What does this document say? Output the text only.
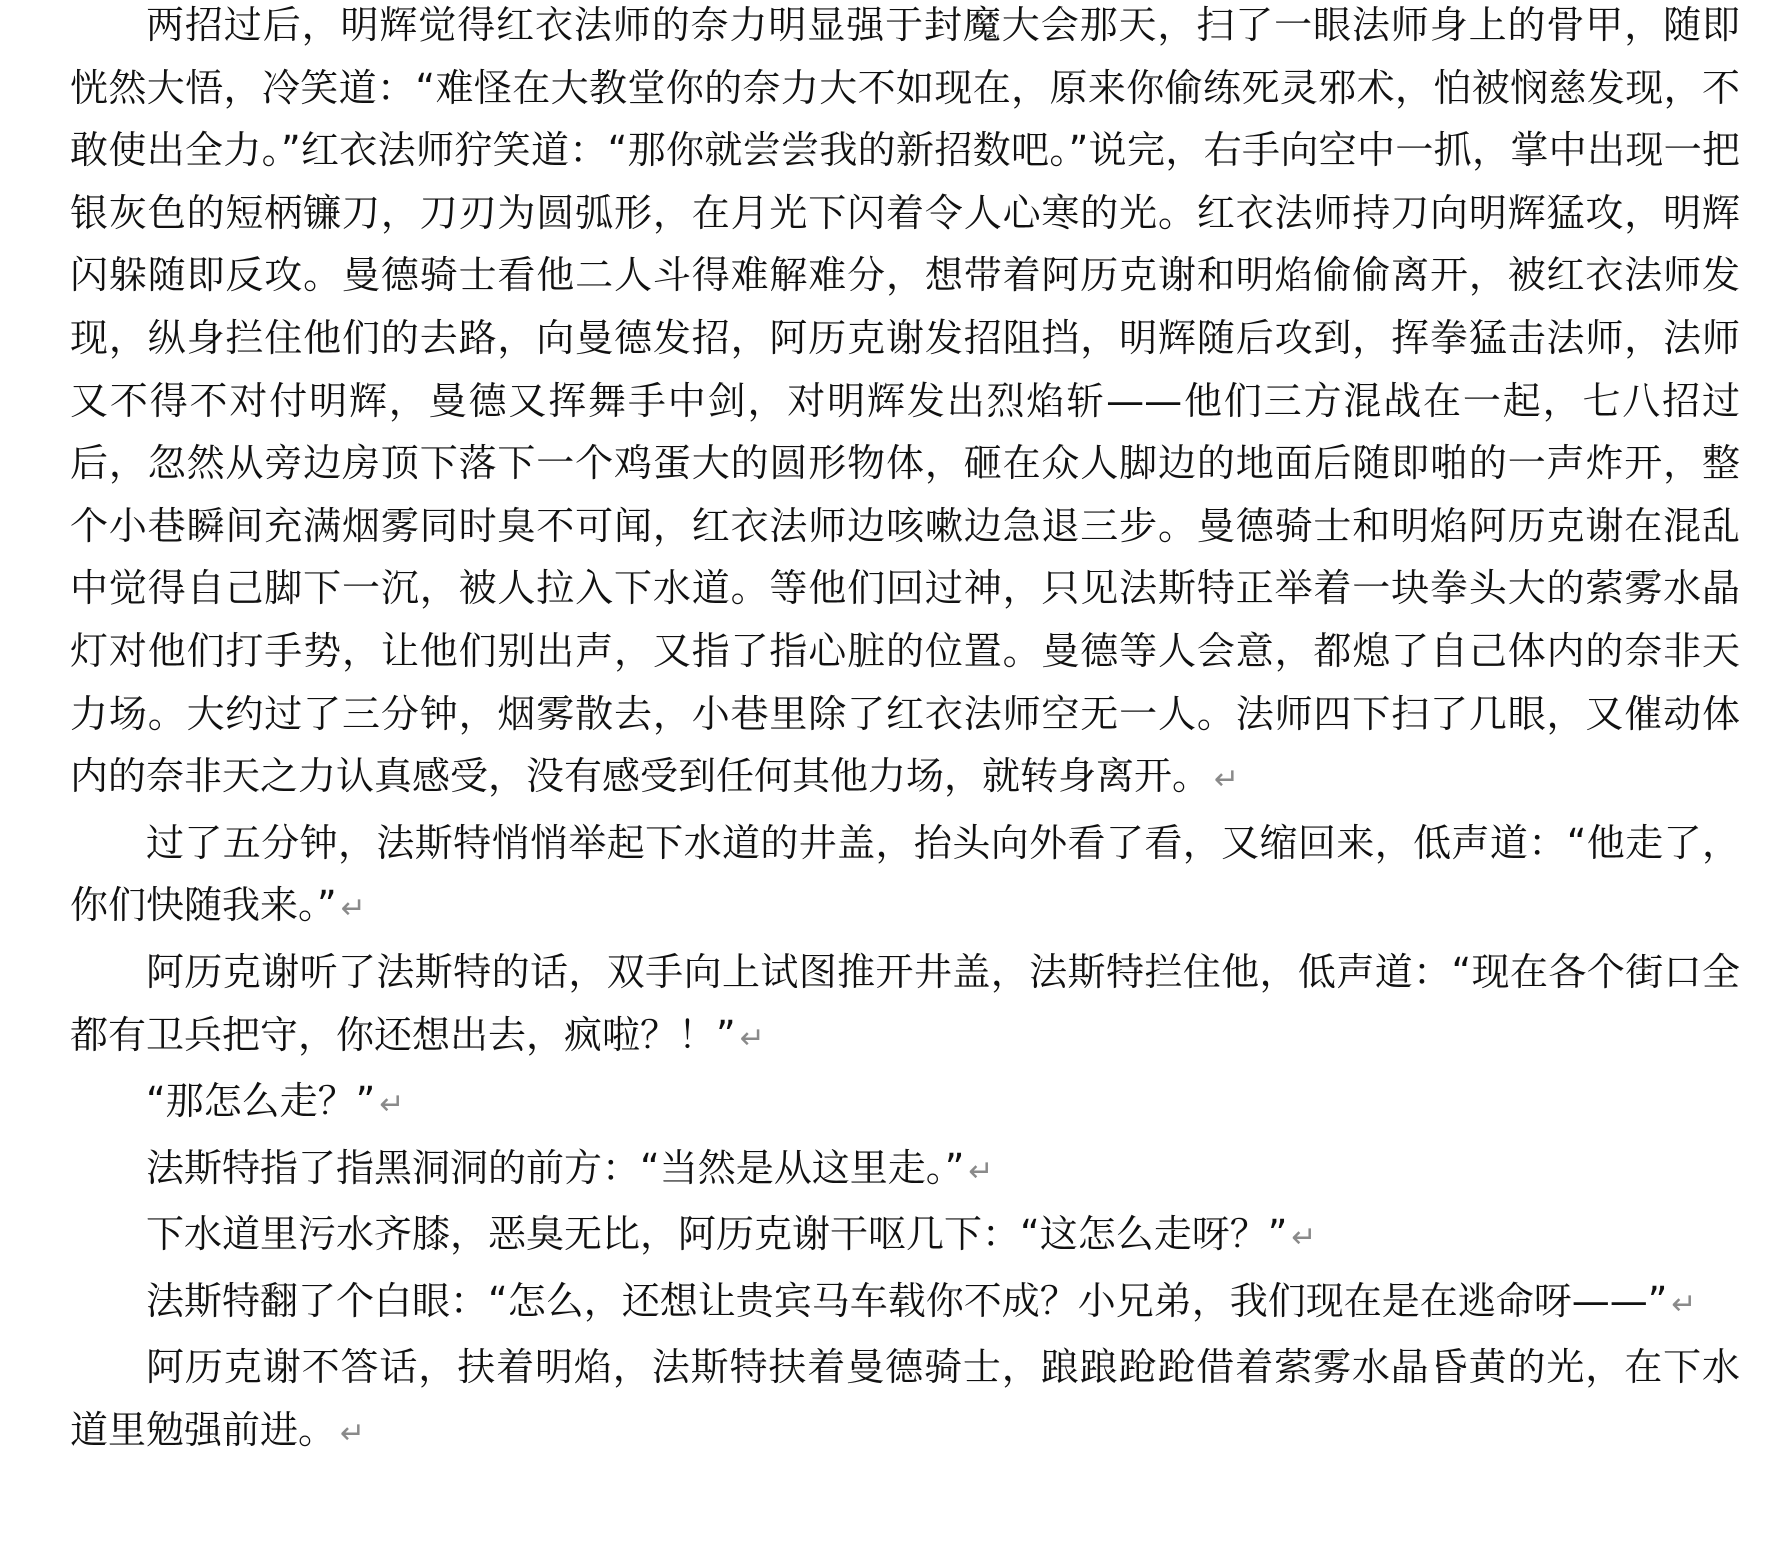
两招过后，明辉觉得红衣法师的奈力明显强于封魔大会那天，扫了一眼法师身上的骨甲，随即恍然大悟，冷笑道：“难怪在大教堂你的奈力大不如现在，原来你偷练死灵邪术，怕被悯慈发现，不敢使出全力。”红衣法师狞笑道：“那你就尝尝我的新招数吧。”说完，右手向空中一抓，掌中出现一把银灰色的短柄镰刀，刀刃为圆弧形，在月光下闪着令人心寒的光。红衣法师持刀向明辉猛攻，明辉闪躲随即反攻。曼德骑士看他二人斗得难解难分，想带着阿历克谢和明焰偷偷离开，被红衣法师发现，纵身拦住他们的去路，向曼德发招，阿历克谢发招阻挡，明辉随后攻到，挥拳猛击法师，法师又不得不对付明辉，曼德又挥舞手中剑，对明辉发出烈焰斩——他们三方混战在一起，七八招过后，忽然从旁边房顶下落下一个鸡蛋大的圆形物体，砸在众人脚边的地面后随即啪的一声炸开，整个小巷瞬间充满烟雾同时臭不可闻，红衣法师边咳嗽边急退三步。曼德骑士和明焰阿历克谢在混乱中觉得自己脚下一沉，被人拉入下水道。等他们回过神，只见法斯特正举着一块拳头大的萦雾水晶灯对他们打手势，让他们别出声，又指了指心脏的位置。曼德等人会意，都熄了自己体内的奈非天力场。大约过了三分钟，烟雾散去，小巷里除了红衣法师空无一人。法师四下扫了几眼，又催动体内的奈非天之力认真感受，没有感受到任何其他力场，就转身离开。 ↵

过了五分钟，法斯特悄悄举起下水道的井盖，抬头向外看了看，又缩回来，低声道：“他走了，你们快随我来。” ↵

阿历克谢听了法斯特的话，双手向上试图推开井盖，法斯特拦住他，低声道：“现在各个街口全都有卫兵把守，你还想出去，疯啦？！” ↵

“那怎么走？” ↵

法斯特指了指黑洞洞的前方：“当然是从这里走。” ↵

下水道里污水齐膝，恶臭无比，阿历克谢干呕几下：“这怎么走呀？” ↵

法斯特翻了个白眼：“怎么，还想让贵宾马车载你不成？小兄弟，我们现在是在逃命呀——” ↵

阿历克谢不答话，扶着明焰，法斯特扶着曼德骑士，踉踉跄跄借着萦雾水晶昏黄的光，在下水道里勉强前进。 ↵
